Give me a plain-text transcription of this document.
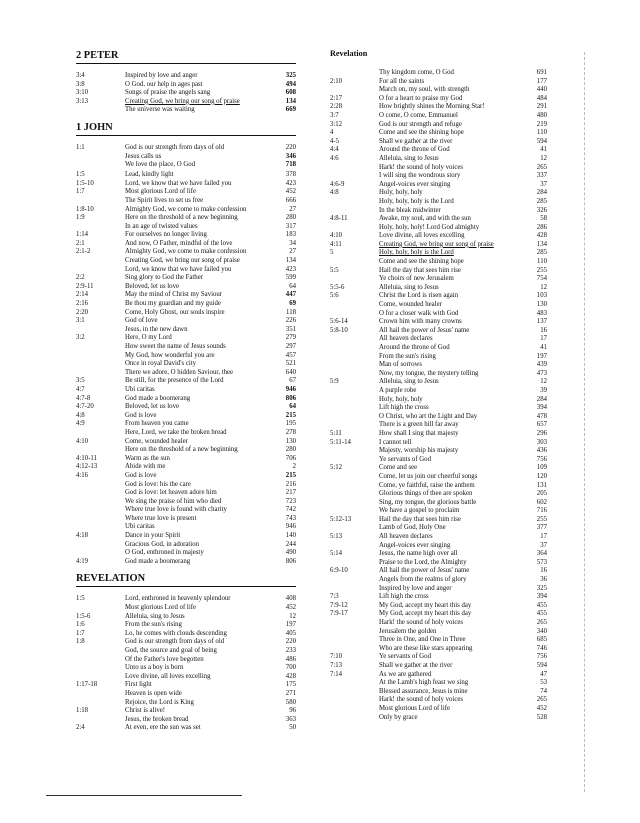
2 PETER
3:4	Inspired by love and anger	325
3:8	O God, our help in ages past	494
3:10	Songs of praise the angels sang	608
3:13	Creating God, we bring our song of praise	134
The universe was waiting	669
1 JOHN
1:1	God is our strength from days of old	220
Jesus calls us	346
We love the place, O God	718
1:5	Lead, kindly light	378
1:5-10	Lord, we know that we have failed you	423
1:7	Most glorious Lord of life	452
The Spirit lives to set us free	666
1:8-10	Almighty God, we come to make confession	27
1:9	Here on the threshold of a new beginning	280
In an age of twisted values	317
1:14	For ourselves no longer living	183
2:1	And now, O Father, mindful of the love	34
2:1-2	Almighty God, we come to make confession	27
Creating God, we bring our song of praise	134
Lord, we know that we have failed you	423
2:2	Sing glory to God the Father	599
2:9-11	Beloved, let us love	64
2:14	May the mind of Christ my Saviour	447
2:16	Be thou my guardian and my guide	69
2:20	Come, Holy Ghost, our souls inspire	118
3:1	God of love	226
Jesus, in the new dawn	351
3:2	Here, O my Lord	279
How sweet the name of Jesus sounds	297
My God, how wonderful you are	457
Once in royal David's city	521
There we adore, O hidden Saviour, thee	640
3:5	Be still, for the presence of the Lord	67
4:7	Ubi caritas	946
4:7-8	God made a boomerang	806
4:7-20	Beloved, let us love	64
4:8	God is love	215
4:9	From heaven you came	195
Here, Lord, we take the broken bread	278
4:10	Come, wounded healer	130
Here on the threshold of a new beginning	280
4:10-11	Warm as the sun	706
4:12-13	Abide with me	2
4:16	God is love	215
God is love: his the care	216
God is love: let heaven adore him	217
We sing the praise of him who died	723
Where true love is found with charity	742
Where true love is present	743
Ubi caritas	946
4:18	Dance in your Spirit	140
Gracious God, in adoration	244
O God, enthroned in majesty	490
4:19	God made a boomerang	806
REVELATION
1:5	Lord, enthroned in heavenly splendour	408
Most glorious Lord of life	452
1:5-6	Alleluia, sing to Jesus	12
1:6	From the sun's rising	197
1:7	Lo, he comes with clouds descending	405
1:8	God is our strength from days of old	220
God, the source and goal of being	233
Of the Father's love begotten	486
Unto us a boy is born	700
Love divine, all loves excelling	428
1:17-18	First light	175
Heaven is open wide	271
Rejoice, the Lord is King	580
1:18	Christ is alive!	96
Jesus, the broken bread	363
2:4	At even, ere the sun was set	50
Revelation
Thy kingdom come, O God	691
2:10	For all the saints	177
March on, my soul, with strength	440
2:17	O for a heart to praise my God	484
2:28	How brightly shines the Morning Star!	291
3:7	O come, O come, Emmanuel	480
3:12	God is our strength and refuge	219
4	Come and see the shining hope	110
4-5	Shall we gather at the river	594
4:4	Around the throne of God	41
4:6	Alleluia, sing to Jesus	12
Hark! the sound of holy voices	265
I will sing the wondrous story	337
4:6-9	Angel-voices ever singing	37
4:8	Holy, holy, holy	284
Holy, holy, holy is the Lord	285
In the bleak midwinter	326
4:8-11	Awake, my soul, and with the sun	58
Holy, holy, holy! Lord God almighty	286
4:10	Love divine, all loves excelling	428
4:11	Creating God, we bring our song of praise	134
5	Holy, holy, holy is the Lord	285
Come and see the shining hope	110
5:5	Hail the day that sees him rise	255
Ye choirs of new Jerusalem	754
5:5-6	Alleluia, sing to Jesus	12
5:6	Christ the Lord is risen again	103
Come, wounded healer	130
O for a closer walk with God	483
5:6-14	Crown him with many crowns	137
5:8-10	All hail the power of Jesus' name	16
All heaven declares	17
Around the throne of God	41
From the sun's rising	197
Man of sorrows	439
Now, my tongue, the mystery telling	473
5:9	Alleluia, sing to Jesus	12
A purple robe	39
Holy, holy, holy	284
Lift high the cross	394
O Christ, who art the Light and Day	478
There is a green hill far away	657
5:11	How shall I sing that majesty	296
5:11-14	I cannot tell	303
Majesty, worship his majesty	436
Ye servants of God	756
5:12	Come and see	109
Come, let us join our cheerful songs	120
Come, ye faithful, raise the anthem	131
Glorious things of thee are spoken	205
Sing, my tongue, the glorious battle	602
We have a gospel to proclaim	716
5:12-13	Hail the day that sees him rise	255
Lamb of God, Holy One	377
5:13	All heaven declares	17
Angel-voices ever singing	37
5:14	Jesus, the name high over all	364
Praise to the Lord, the Almighty	573
6:9-10	All hail the power of Jesus' name	16
Angels from the realms of glory	36
Inspired by love and anger	325
7:3	Lift high the cross	394
7:9-12	My God, accept my heart this day	455
7:9-17	My God, accept my heart this day	455
Hark! the sound of holy voices	265
Jerusalem the golden	340
Three in One, and One in Three	685
Who are these like stars appearing	746
7:10	Ye servants of God	756
7:13	Shall we gather at the river	594
7:14	As we are gathered	47
At the Lamb's high feast we sing	53
Blessed assurance, Jesus is mine	74
Hark! the sound of holy voices	265
Most glorious Lord of life	452
Only by grace	528
